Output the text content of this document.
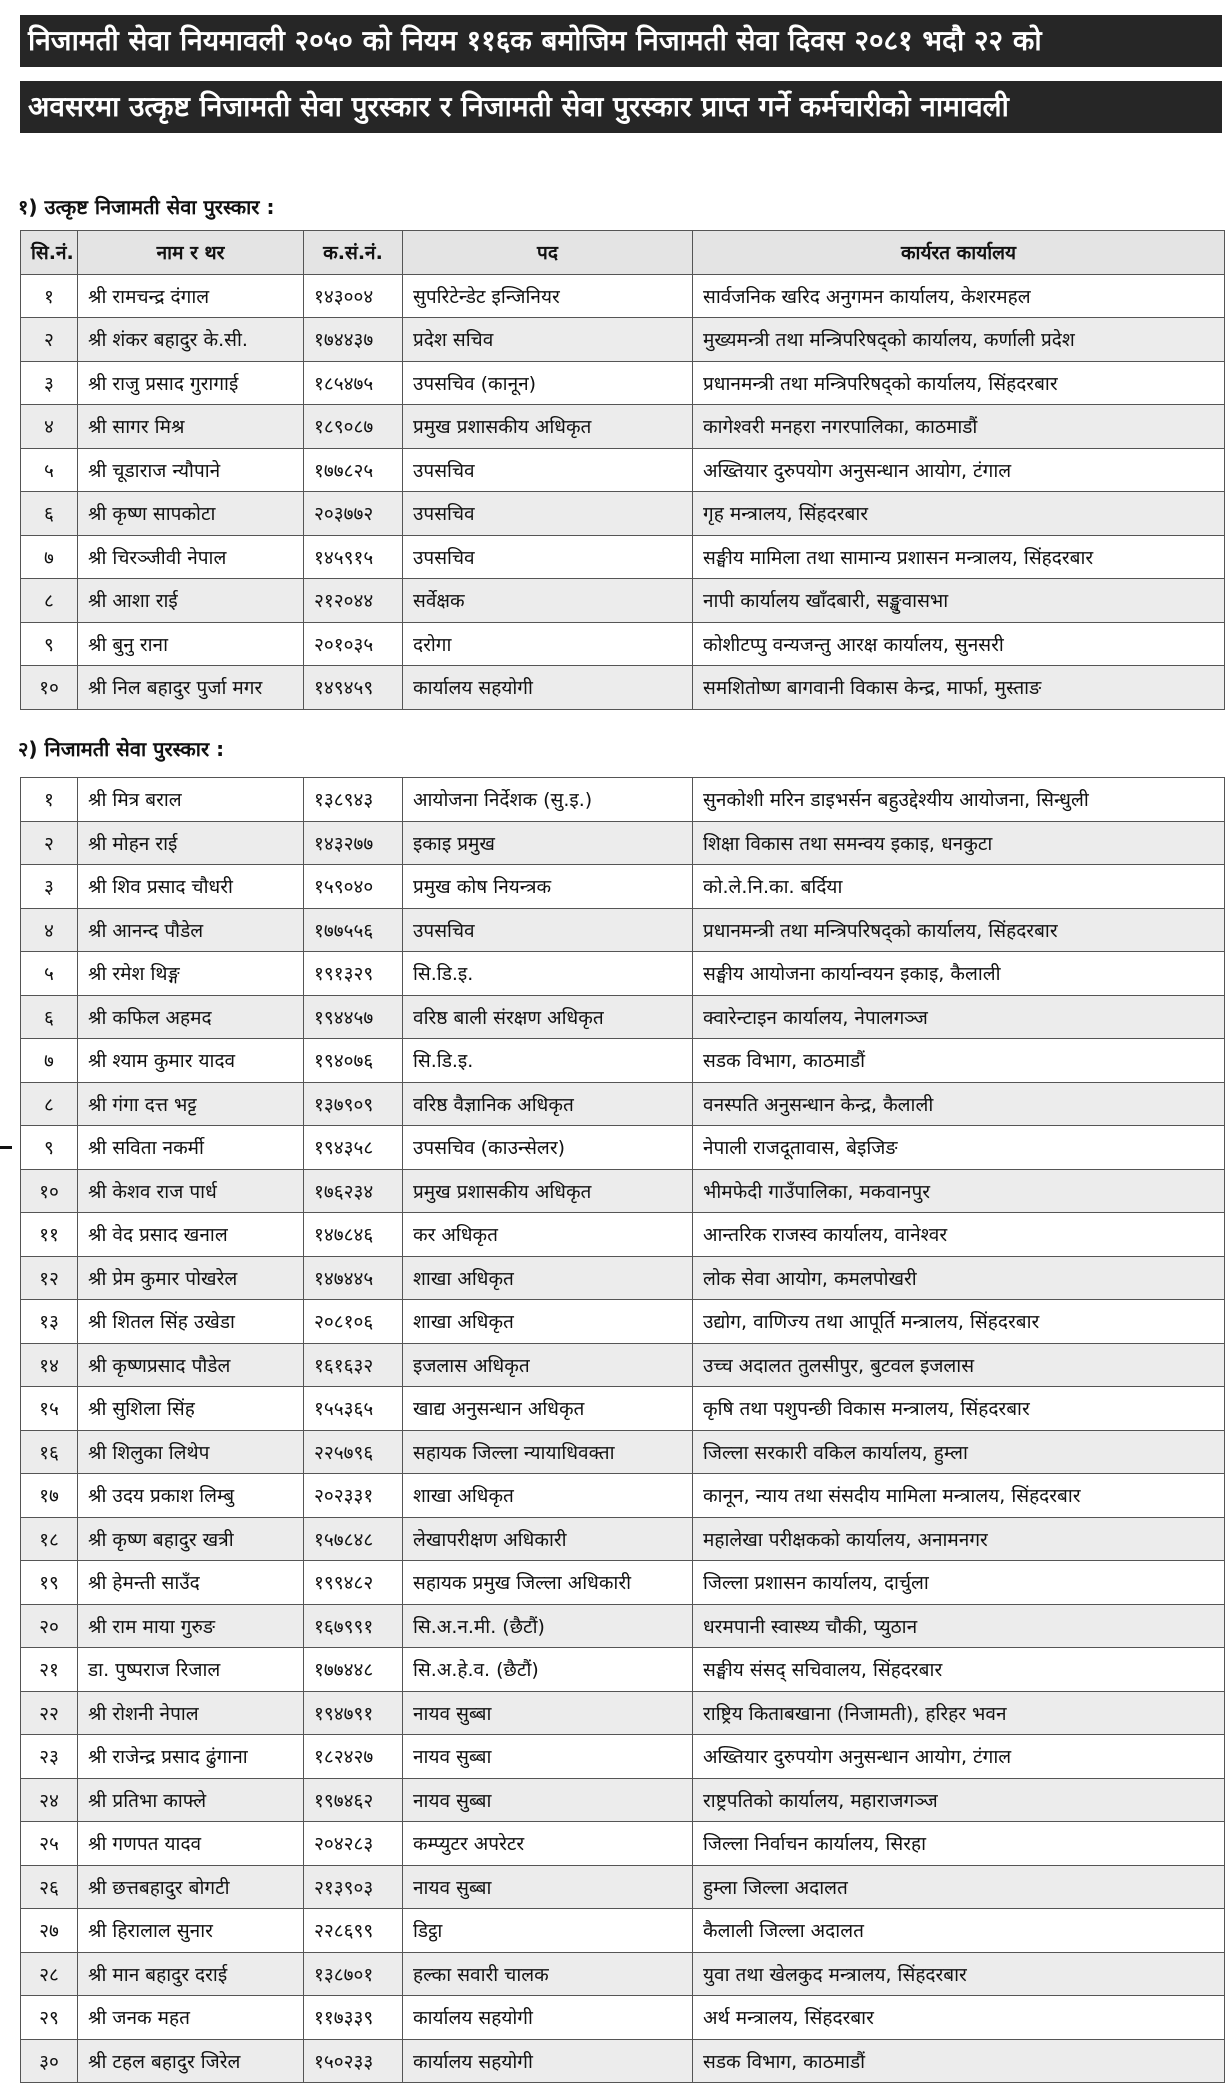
निजामती सेवा नियमावली २०५० को नियम ११६क बमोजिम निजामती सेवा दिवस २०८१ भदौ २२ को
अवसरमा उत्कृष्ट निजामती सेवा पुरस्कार र निजामती सेवा पुरस्कार प्राप्त गर्ने कर्मचारीको नामावली
१) उत्कृष्ट निजामती सेवा पुरस्कार :
सि.नं.	नाम र थर	क.सं.नं.	पद	कार्यरत कार्यालय
१	श्री रामचन्द्र दंगाल	१४३००४	सुपरिटेन्डेट इन्जिनियर	सार्वजनिक खरिद अनुगमन कार्यालय, केशरमहल
२	श्री शंकर बहादुर के.सी.	१७४४३७	प्रदेश सचिव	मुख्यमन्त्री तथा मन्त्रिपरिषद्को कार्यालय, कर्णाली प्रदेश
३	श्री राजु प्रसाद गुरागाई	१८५४७५	उपसचिव (कानून)	प्रधानमन्त्री तथा मन्त्रिपरिषद्को कार्यालय, सिंहदरबार
४	श्री सागर मिश्र	१८९०८७	प्रमुख प्रशासकीय अधिकृत	कागेश्वरी मनहरा नगरपालिका, काठमाडौं
५	श्री चूडाराज न्यौपाने	१७७८२५	उपसचिव	अख्तियार दुरुपयोग अनुसन्धान आयोग, टंगाल
६	श्री कृष्ण सापकोटा	२०३७७२	उपसचिव	गृह मन्त्रालय, सिंहदरबार
७	श्री चिरञ्जीवी नेपाल	१४५९१५	उपसचिव	सङ्घीय मामिला तथा सामान्य प्रशासन मन्त्रालय, सिंहदरबार
८	श्री आशा राई	२१२०४४	सर्वेक्षक	नापी कार्यालय खाँदबारी, सङ्खुवासभा
९	श्री बुनु राना	२०१०३५	दरोगा	कोशीटप्पु वन्यजन्तु आरक्ष कार्यालय, सुनसरी
१०	श्री निल बहादुर पुर्जा मगर	१४९४५९	कार्यालय सहयोगी	समशितोष्ण बागवानी विकास केन्द्र, मार्फा, मुस्ताङ
२) निजामती सेवा पुरस्कार :
१	श्री मित्र बराल	१३८९४३	आयोजना निर्देशक (सु.इ.)	सुनकोशी मरिन डाइभर्सन बहुउद्देश्यीय आयोजना, सिन्धुली
२	श्री मोहन राई	१४३२७७	इकाइ प्रमुख	शिक्षा विकास तथा समन्वय इकाइ, धनकुटा
३	श्री शिव प्रसाद चौधरी	१५९०४०	प्रमुख कोष नियन्त्रक	को.ले.नि.का. बर्दिया
४	श्री आनन्द पौडेल	१७७५५६	उपसचिव	प्रधानमन्त्री तथा मन्त्रिपरिषद्को कार्यालय, सिंहदरबार
५	श्री रमेश थिङ्ग	१९१३२९	सि.डि.इ.	सङ्घीय आयोजना कार्यान्वयन इकाइ, कैलाली
६	श्री कफिल अहमद	१९४४५७	वरिष्ठ बाली संरक्षण अधिकृत	क्वारेन्टाइन कार्यालय, नेपालगञ्ज
७	श्री श्याम कुमार यादव	१९४०७६	सि.डि.इ.	सडक विभाग, काठमाडौं
८	श्री गंगा दत्त भट्ट	१३७९०९	वरिष्ठ वैज्ञानिक अधिकृत	वनस्पति अनुसन्धान केन्द्र, कैलाली
९	श्री सविता नकर्मी	१९४३५८	उपसचिव (काउन्सेलर)	नेपाली राजदूतावास, बेइजिङ
१०	श्री केशव राज पार्ध	१७६२३४	प्रमुख प्रशासकीय अधिकृत	भीमफेदी गाउँपालिका, मकवानपुर
११	श्री वेद प्रसाद खनाल	१४७८४६	कर अधिकृत	आन्तरिक राजस्व कार्यालय, वानेश्वर
१२	श्री प्रेम कुमार पोखरेल	१४७४४५	शाखा अधिकृत	लोक सेवा आयोग, कमलपोखरी
१३	श्री शितल सिंह उखेडा	२०८१०६	शाखा अधिकृत	उद्योग, वाणिज्य तथा आपूर्ति मन्त्रालय, सिंहदरबार
१४	श्री कृष्णप्रसाद पौडेल	१६१६३२	इजलास अधिकृत	उच्च अदालत तुलसीपुर, बुटवल इजलास
१५	श्री सुशिला सिंह	१५५३६५	खाद्य अनुसन्धान अधिकृत	कृषि तथा पशुपन्छी विकास मन्त्रालय, सिंहदरबार
१६	श्री शिलुका लिथेप	२२५७९६	सहायक जिल्ला न्यायाधिवक्ता	जिल्ला सरकारी वकिल कार्यालय, हुम्ला
१७	श्री उदय प्रकाश लिम्बु	२०२३३१	शाखा अधिकृत	कानून, न्याय तथा संसदीय मामिला मन्त्रालय, सिंहदरबार
१८	श्री कृष्ण बहादुर खत्री	१५७८४८	लेखापरीक्षण अधिकारी	महालेखा परीक्षकको कार्यालय, अनामनगर
१९	श्री हेमन्ती साउँद	१९९४८२	सहायक प्रमुख जिल्ला अधिकारी	जिल्ला प्रशासन कार्यालय, दार्चुला
२०	श्री राम माया गुरुङ	१६७९९१	सि.अ.न.मी. (छैटौं)	धरमपानी स्वास्थ्य चौकी, प्युठान
२१	डा. पुष्पराज रिजाल	१७७४४८	सि.अ.हे.व. (छैटौं)	सङ्घीय संसद् सचिवालय, सिंहदरबार
२२	श्री रोशनी नेपाल	१९४७९१	नायव सुब्बा	राष्ट्रिय किताबखाना (निजामती), हरिहर भवन
२३	श्री राजेन्द्र प्रसाद ढुंगाना	१८२४२७	नायव सुब्बा	अख्तियार दुरुपयोग अनुसन्धान आयोग, टंगाल
२४	श्री प्रतिभा काफ्ले	१९७४६२	नायव सुब्बा	राष्ट्रपतिको कार्यालय, महाराजगञ्ज
२५	श्री गणपत यादव	२०४२८३	कम्प्युटर अपरेटर	जिल्ला निर्वाचन कार्यालय, सिरहा
२६	श्री छत्तबहादुर बोगटी	२१३९०३	नायव सुब्बा	हुम्ला जिल्ला अदालत
२७	श्री हिरालाल सुनार	२२८६९९	डिट्ठा	कैलाली जिल्ला अदालत
२८	श्री मान बहादुर दराई	१३८७०१	हल्का सवारी चालक	युवा तथा खेलकुद मन्त्रालय, सिंहदरबार
२९	श्री जनक महत	११७३३९	कार्यालय सहयोगी	अर्थ मन्त्रालय, सिंहदरबार
३०	श्री टहल बहादुर जिरेल	१५०२३३	कार्यालय सहयोगी	सडक विभाग, काठमाडौं
